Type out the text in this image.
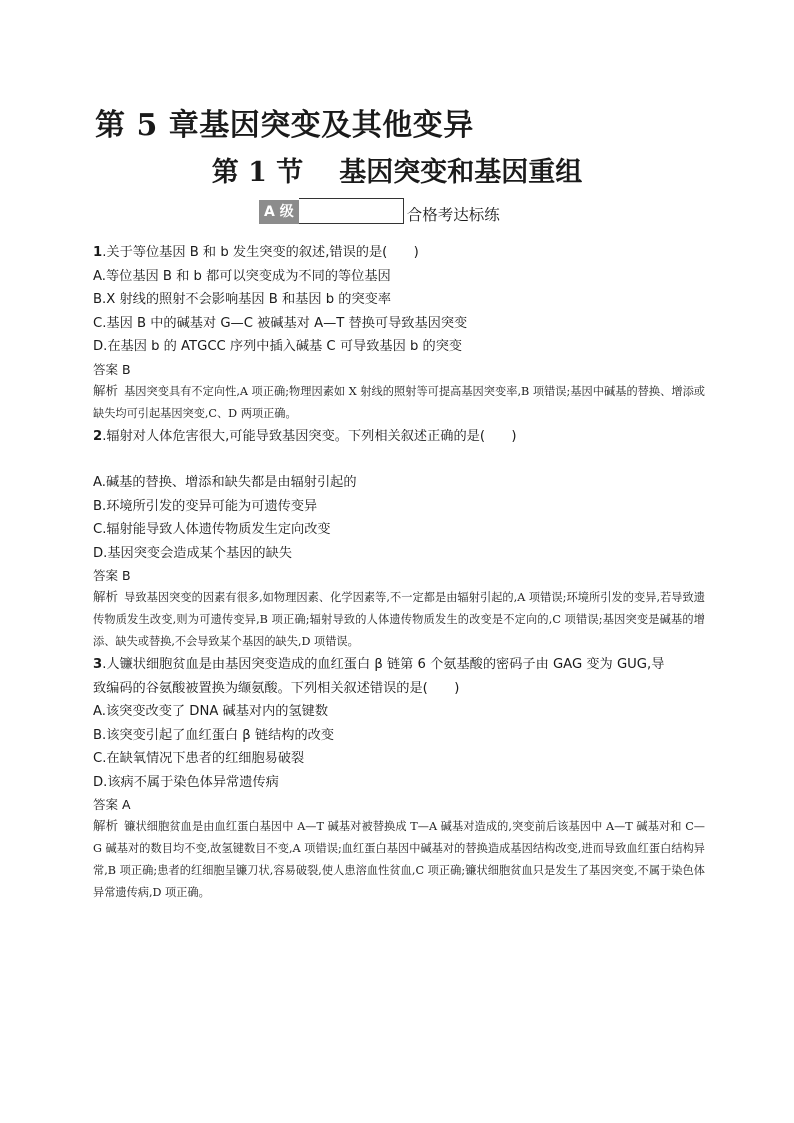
第 5 章基因突变及其他变异
第 1 节 基因突变和基因重组
A 级	合格考达标练
1.关于等位基因 B 和 b 发生突变的叙述,错误的是(　　)
A.等位基因 B 和 b 都可以突变成为不同的等位基因
B.X 射线的照射不会影响基因 B 和基因 b 的突变率
C.基因 B 中的碱基对 G—C 被碱基对 A—T 替换可导致基因突变
D.在基因 b 的 ATGCC 序列中插入碱基 C 可导致基因 b 的突变
答案 B
解析 基因突变具有不定向性,A 项正确;物理因素如 X 射线的照射等可提高基因突变率,B 项错误;基因中碱基的替换、增添或缺失均可引起基因突变,C、D 两项正确。
2.辐射对人体危害很大,可能导致基因突变。下列相关叙述正确的是(　　)
A.碱基的替换、增添和缺失都是由辐射引起的
B.环境所引发的变异可能为可遗传变异
C.辐射能导致人体遗传物质发生定向改变
D.基因突变会造成某个基因的缺失
答案 B
解析 导致基因突变的因素有很多,如物理因素、化学因素等,不一定都是由辐射引起的,A 项错误;环境所引发的变异,若导致遗传物质发生改变,则为可遗传变异,B 项正确;辐射导致的人体遗传物质发生的改变是不定向的,C 项错误;基因突变是碱基的增添、缺失或替换,不会导致某个基因的缺失,D 项错误。
3.人镰状细胞贫血是由基因突变造成的血红蛋白 β 链第 6 个氨基酸的密码子由 GAG 变为 GUG,导
致编码的谷氨酸被置换为缬氨酸。下列相关叙述错误的是(　　)
A.该突变改变了 DNA 碱基对内的氢键数
B.该突变引起了血红蛋白 β 链结构的改变
C.在缺氧情况下患者的红细胞易破裂
D.该病不属于染色体异常遗传病
答案 A
解析 镰状细胞贫血是由血红蛋白基因中 A—T 碱基对被替换成 T—A 碱基对造成的,突变前后该基因中 A—T 碱基对和 C—G 碱基对的数目均不变,故氢键数目不变,A 项错误;血红蛋白基因中碱基对的替换造成基因结构改变,进而导致血红蛋白结构异常,B 项正确;患者的红细胞呈镰刀状,容易破裂,使人患溶血性贫血,C 项正确;镰状细胞贫血只是发生了基因突变,不属于染色体异常遗传病,D 项正确。
